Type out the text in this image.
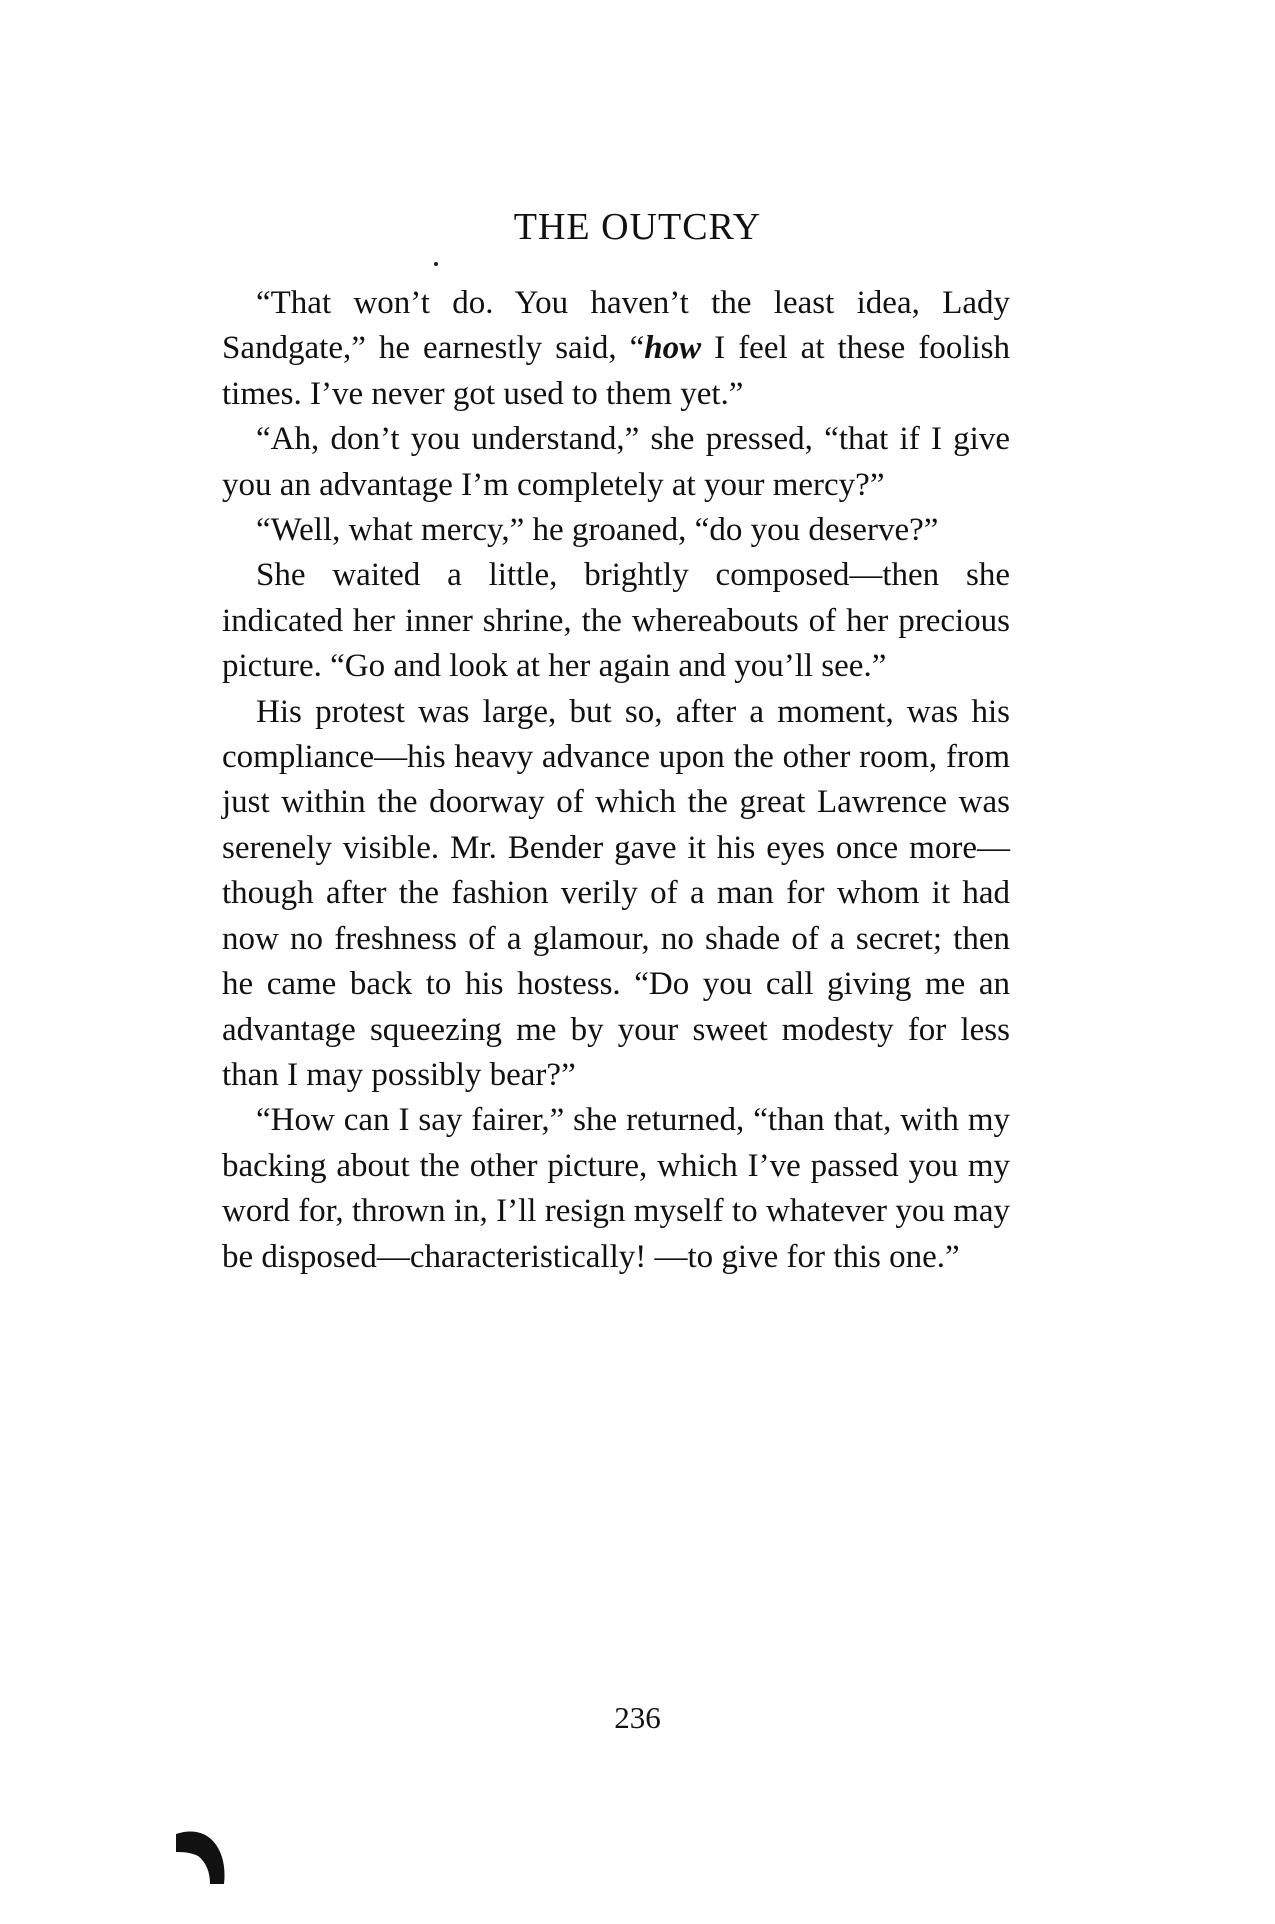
THE OUTCRY

“That won’t do. You haven’t the least idea, Lady Sandgate,” he earnestly said, “how I feel at these foolish times. I’ve never got used to them yet.”

“Ah, don’t you understand,” she pressed, “that if I give you an advantage I’m completely at your mercy?”

“Well, what mercy,” he groaned, “do you deserve?”

She waited a little, brightly composed—then she indicated her inner shrine, the whereabouts of her precious picture. “Go and look at her again and you’ll see.”

His protest was large, but so, after a moment, was his compliance—his heavy advance upon the other room, from just within the doorway of which the great Lawrence was serenely visible. Mr. Bender gave it his eyes once more—though after the fashion verily of a man for whom it had now no freshness of a glamour, no shade of a secret; then he came back to his hostess. “Do you call giving me an advantage squeezing me by your sweet modesty for less than I may possibly bear?”

“How can I say fairer,” she returned, “than that, with my backing about the other picture, which I’ve passed you my word for, thrown in, I’ll resign myself to whatever you may be disposed—characteristically! —to give for this one.”

236
